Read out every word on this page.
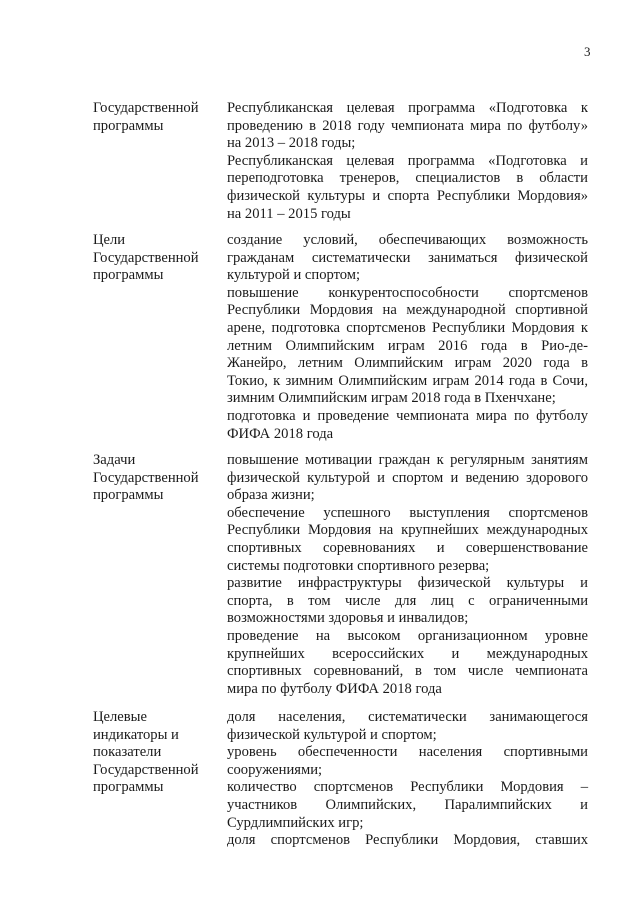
3
Государственной
программы
Республиканская целевая программа «Подготовка к
проведению в 2018 году чемпионата мира по футболу»
на 2013 – 2018 годы;
Республиканская целевая программа «Подготовка и
переподготовка тренеров, специалистов в области
физической культуры и спорта Республики Мордовия»
на 2011 – 2015 годы
Цели
Государственной
программы
создание условий, обеспечивающих возможность
гражданам систематически заниматься физической
культурой и спортом;
повышение конкурентоспособности спортсменов
Республики Мордовия на международной спортивной
арене, подготовка спортсменов Республики Мордовия к
летним Олимпийским играм 2016 года в Рио-де-
Жанейро, летним Олимпийским играм 2020 года в
Токио, к зимним Олимпийским играм 2014 года в Сочи,
зимним Олимпийским играм 2018 года в Пхенчхане;
подготовка и проведение чемпионата мира по футболу
ФИФА 2018 года
Задачи
Государственной
программы
повышение мотивации граждан к регулярным занятиям
физической культурой и спортом и ведению здорового
образа жизни;
обеспечение успешного выступления спортсменов
Республики Мордовия на крупнейших международных
спортивных соревнованиях и совершенствование
системы подготовки спортивного резерва;
развитие инфраструктуры физической культуры и
спорта, в том числе для лиц с ограниченными
возможностями здоровья и инвалидов;
проведение на высоком организационном уровне
крупнейших всероссийских и международных
спортивных соревнований, в том числе чемпионата
мира по футболу ФИФА 2018 года
Целевые
индикаторы и
показатели
Государственной
программы
доля населения, систематически занимающегося
физической культурой и спортом;
уровень обеспеченности населения спортивными
сооружениями;
количество спортсменов Республики Мордовия –
участников Олимпийских, Паралимпийских и
Сурдлимпийских игр;
доля спортсменов Республики Мордовия, ставших
